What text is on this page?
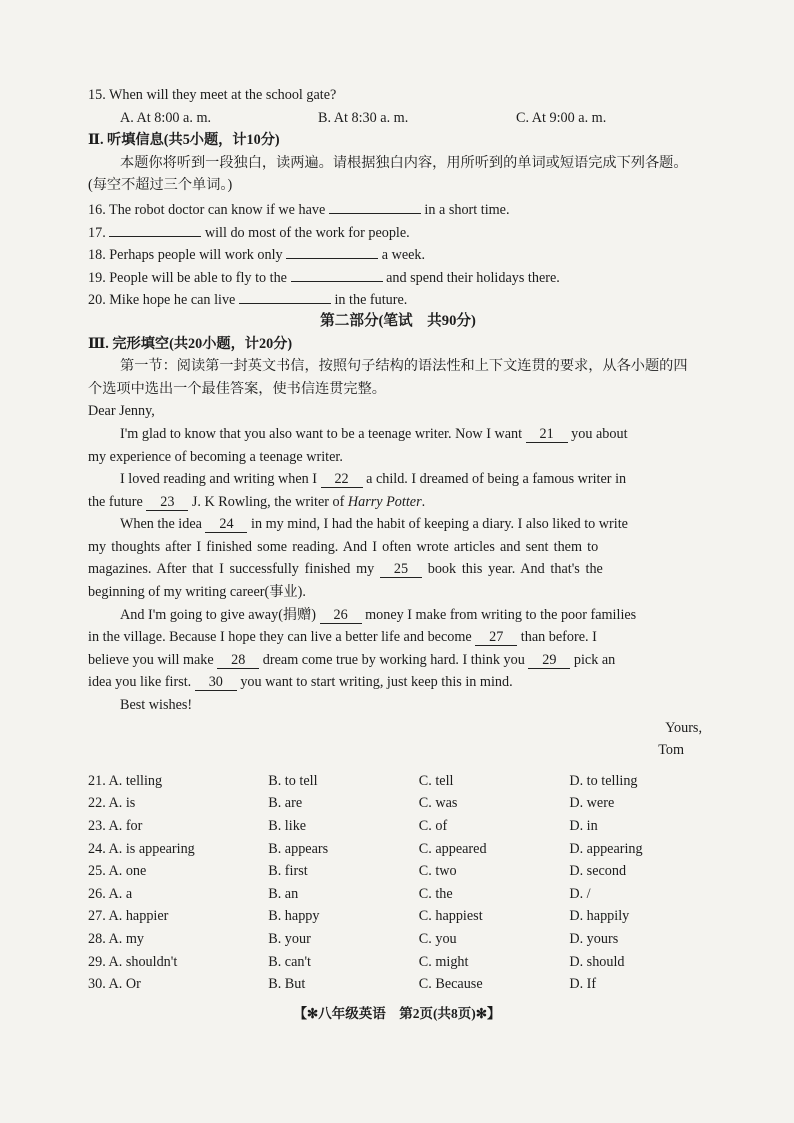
15. When will they meet at the school gate?
A. At 8:00 a. m.	B. At 8:30 a. m.	C. At 9:00 a. m.
Ⅱ. 听填信息(共5小题，计10分)
本题你将听到一段独白，读两遍。请根据独白内容，用所听到的单词或短语完成下列各题。
(每空不超过三个单词。)
16. The robot doctor can know if we have	in a short time.
17.	will do most of the work for people.
18. Perhaps people will work only	a week.
19. People will be able to fly to the	and spend their holidays there.
20. Mike hope he can live	in the future.
第二部分(笔试　共90分)
Ⅲ. 完形填空(共20小题，计20分)
第一节：阅读第一封英文书信，按照句子结构的语法性和上下文连贯的要求，从各小题的四
个选项中选出一个最佳答案，使书信连贯完整。
Dear Jenny,
I'm glad to know that you also want to be a teenage writer. Now I want 21 you about
my experience of becoming a teenage writer.
I loved reading and writing when I 22 a child. I dreamed of being a famous writer in
the future 23 J. K Rowling, the writer of Harry Potter.
When the idea 24 in my mind, I had the habit of keeping a diary. I also liked to write
my thoughts after I finished some reading. And I often wrote articles and sent them to
magazines. After that I successfully finished my 25 book this year. And that's the
beginning of my writing career(事业).
And I'm going to give away(捐赠) 26 money I make from writing to the poor families
in the village. Because I hope they can live a better life and become 27 than before. I
believe you will make 28 dream come true by working hard. I think you 29 pick an
idea you like first. 30 you want to start writing, just keep this in mind.
Best wishes!
Yours,
Tom
21. A. telling	B. to tell	C. tell	D. to telling
22. A. is	B. are	C. was	D. were
23. A. for	B. like	C. of	D. in
24. A. is appearing	B. appears	C. appeared	D. appearing
25. A. one	B. first	C. two	D. second
26. A. a	B. an	C. the	D. /
27. A. happier	B. happy	C. happiest	D. happily
28. A. my	B. your	C. you	D. yours
29. A. shouldn't	B. can't	C. might	D. should
30. A. Or	B. But	C. Because	D. If
【✻八年级英语　第2页(共8页)✻】
